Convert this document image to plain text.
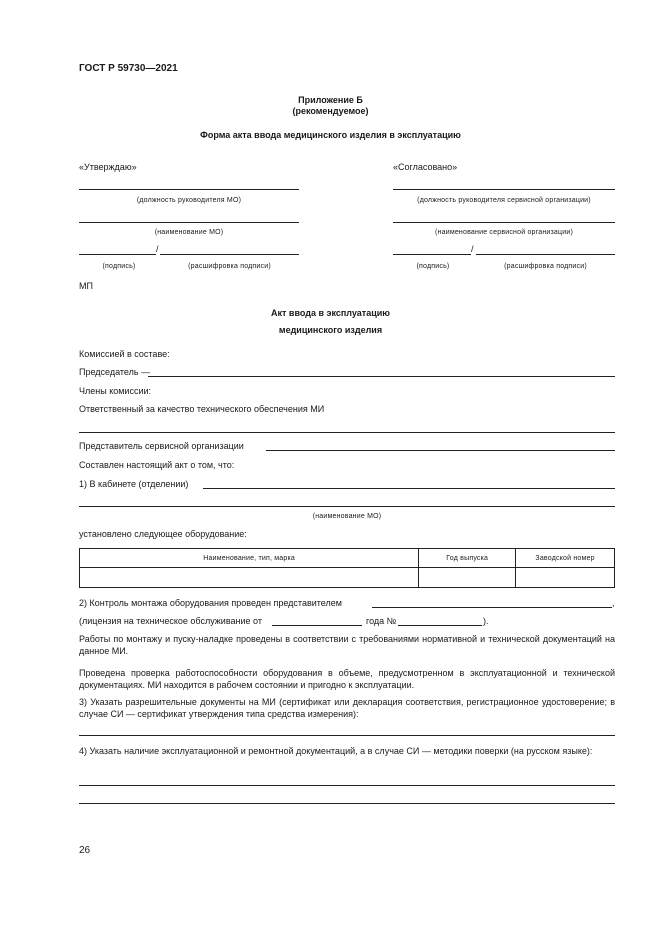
ГОСТ Р 59730—2021
Приложение Б
(рекомендуемое)
Форма акта ввода медицинского изделия в эксплуатацию
«Утверждаю»
(должность руководителя МО)
(наименование МО)
/
(подпись)	(расшифровка подписи)
МП
«Согласовано»
(должность руководителя сервисной организации)
(наименование сервисной организации)
/
(подпись)	(расшифровка подписи)
Акт ввода в эксплуатацию
медицинского изделия
Комиссией в составе:
Председатель —
Члены комиссии:
Ответственный за качество технического обеспечения МИ
Представитель сервисной организации
Составлен настоящий акт о том, что:
1) В кабинете (отделении)
(наименование МО)
установлено следующее оборудование:
Наименование, тип, марка	Год выпуска	Заводской номер

2) Контроль монтажа оборудования проведен представителем	,
(лицензия на техническое обслуживание от	года №	).
Работы по монтажу и пуску-наладке проведены в соответствии с требованиями нормативной и технической документаций на данное МИ.
Проведена проверка работоспособности оборудования в объеме, предусмотренном в эксплуатационной и технической документациях. МИ находится в рабочем состоянии и пригодно к эксплуатации.
3) Указать разрешительные документы на МИ (сертификат или декларация соответствия, регистрационное удостоверение; в случае СИ — сертификат утверждения типа средства измерения):
4) Указать наличие эксплуатационной и ремонтной документаций, а в случае СИ — методики поверки (на русском языке):
26
